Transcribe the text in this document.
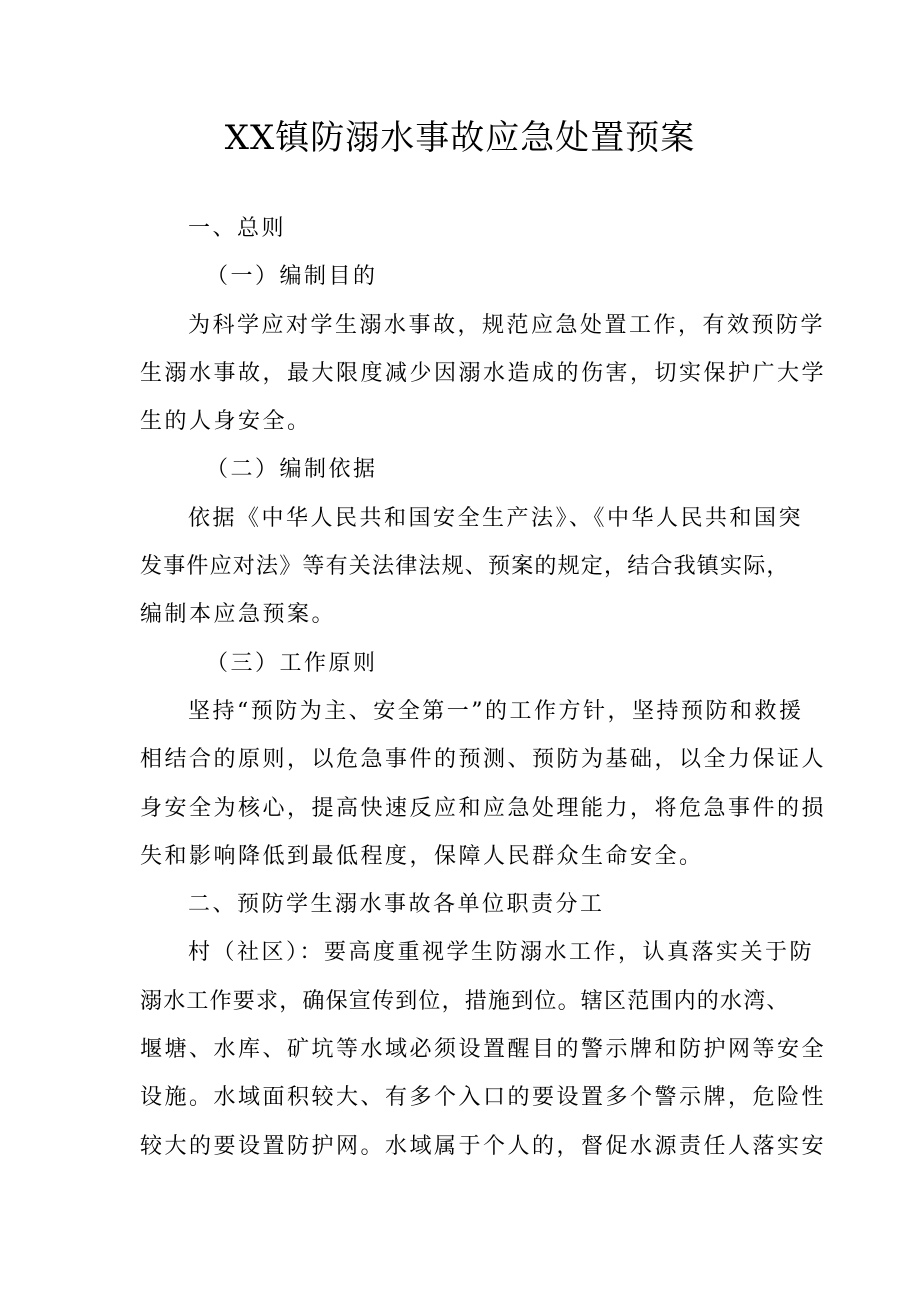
XX镇防溺水事故应急处置预案
一、总则
（一）编制目的
为科学应对学生溺水事故，规范应急处置工作，有效预防学
生溺水事故，最大限度减少因溺水造成的伤害，切实保护广大学
生的人身安全。
（二）编制依据
依据《中华人民共和国安全生产法》、《中华人民共和国突
发事件应对法》等有关法律法规、预案的规定，结合我镇实际，
编制本应急预案。
（三）工作原则
坚持“预防为主、安全第一”的工作方针，坚持预防和救援
相结合的原则，以危急事件的预测、预防为基础，以全力保证人
身安全为核心，提高快速反应和应急处理能力，将危急事件的损
失和影响降低到最低程度，保障人民群众生命安全。
二、预防学生溺水事故各单位职责分工
村（社区）：要高度重视学生防溺水工作，认真落实关于防
溺水工作要求，确保宣传到位，措施到位。辖区范围内的水湾、
堰塘、水库、矿坑等水域必须设置醒目的警示牌和防护网等安全
设施。水域面积较大、有多个入口的要设置多个警示牌，危险性
较大的要设置防护网。水域属于个人的，督促水源责任人落实安
